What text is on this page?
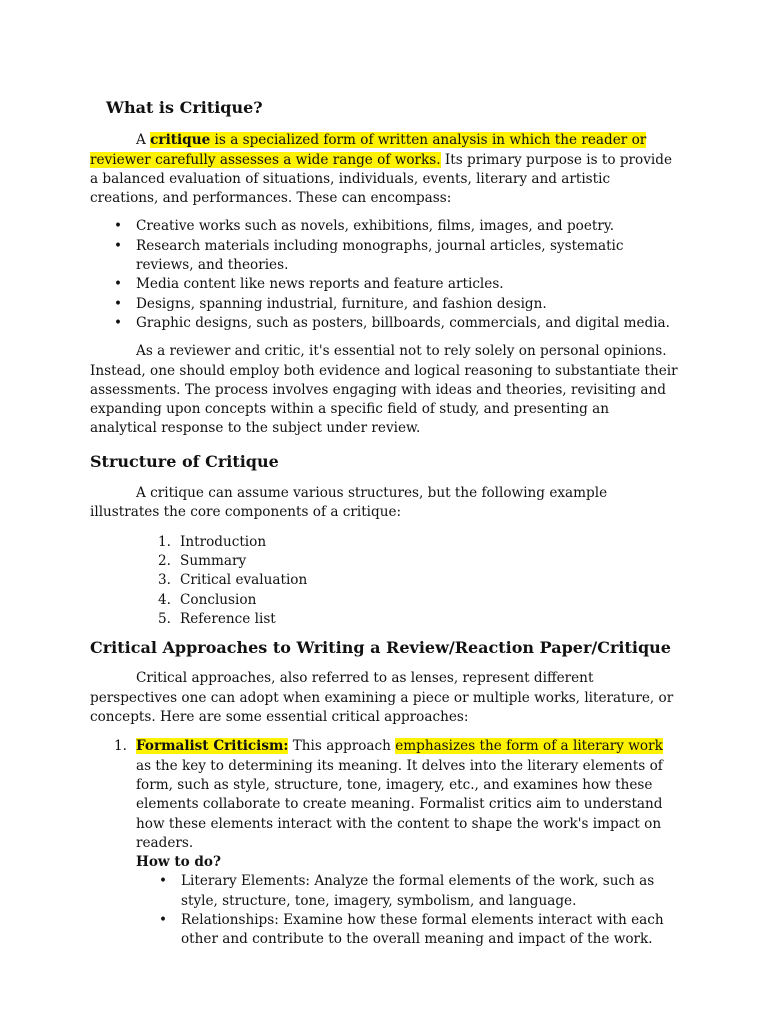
What is Critique?

A critique is a specialized form of written analysis in which the reader or reviewer carefully assesses a wide range of works. Its primary purpose is to provide a balanced evaluation of situations, individuals, events, literary and artistic creations, and performances. These can encompass:

• Creative works such as novels, exhibitions, films, images, and poetry.
• Research materials including monographs, journal articles, systematic reviews, and theories.
• Media content like news reports and feature articles.
• Designs, spanning industrial, furniture, and fashion design.
• Graphic designs, such as posters, billboards, commercials, and digital media.

As a reviewer and critic, it's essential not to rely solely on personal opinions. Instead, one should employ both evidence and logical reasoning to substantiate their assessments. The process involves engaging with ideas and theories, revisiting and expanding upon concepts within a specific field of study, and presenting an analytical response to the subject under review.

Structure of Critique

A critique can assume various structures, but the following example illustrates the core components of a critique:

1. Introduction
2. Summary
3. Critical evaluation
4. Conclusion
5. Reference list
Critical Approaches to Writing a Review/Reaction Paper/Critique

Critical approaches, also referred to as lenses, represent different perspectives one can adopt when examining a piece or multiple works, literature, or concepts. Here are some essential critical approaches:

1. Formalist Criticism: This approach emphasizes the form of a literary work as the key to determining its meaning. It delves into the literary elements of form, such as style, structure, tone, imagery, etc., and examines how these elements collaborate to create meaning. Formalist critics aim to understand how these elements interact with the content to shape the work's impact on readers.
How to do?
• Literary Elements: Analyze the formal elements of the work, such as style, structure, tone, imagery, symbolism, and language.
• Relationships: Examine how these formal elements interact with each other and contribute to the overall meaning and impact of the work.
